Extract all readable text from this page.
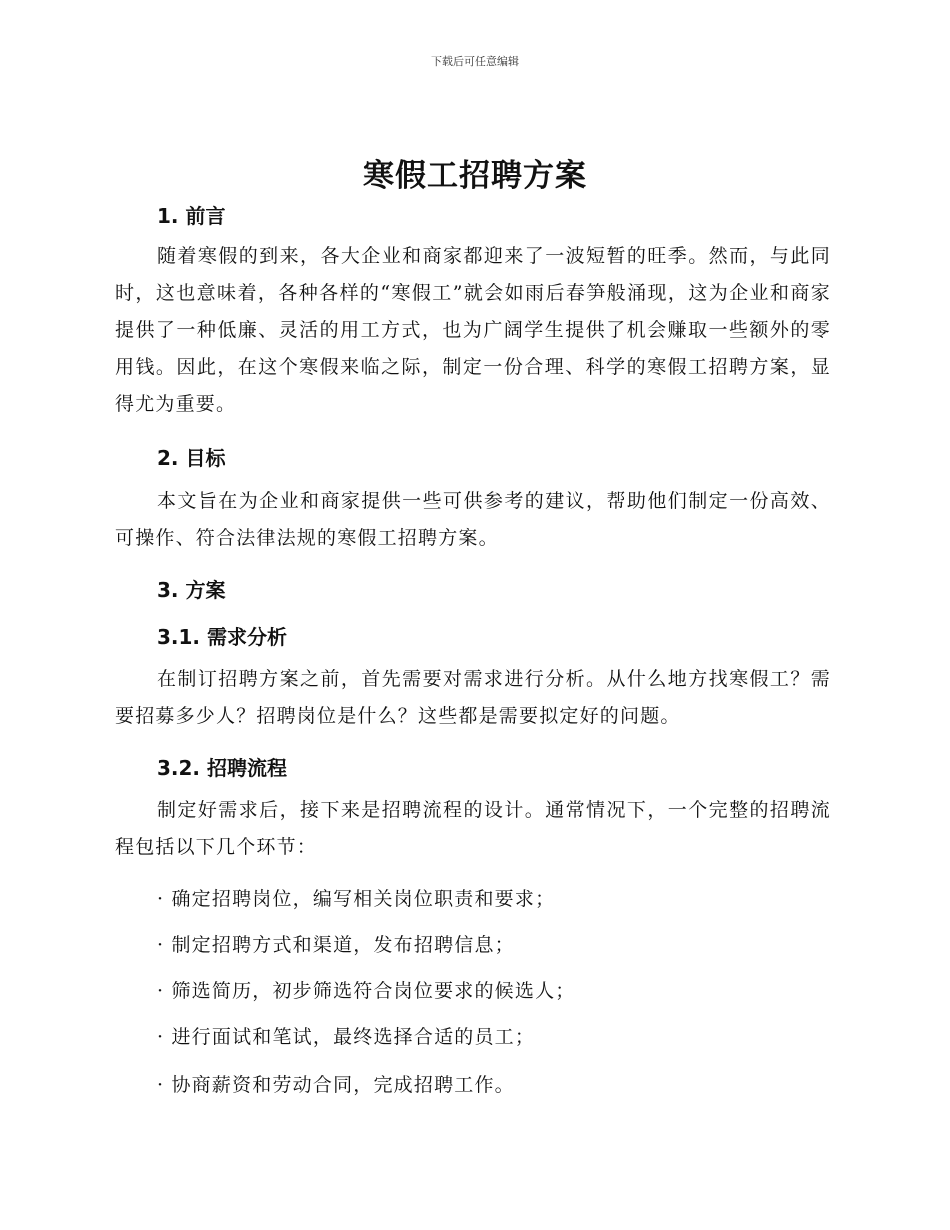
下载后可任意编辑
寒假工招聘方案
1. 前言

随着寒假的到来，各大企业和商家都迎来了一波短暂的旺季。然而，与此同时，这也意味着，各种各样的“寒假工”就会如雨后春笋般涌现，这为企业和商家提供了一种低廉、灵活的用工方式，也为广阔学生提供了机会赚取一些额外的零用钱。因此，在这个寒假来临之际，制定一份合理、科学的寒假工招聘方案，显得尤为重要。

2. 目标

本文旨在为企业和商家提供一些可供参考的建议，帮助他们制定一份高效、可操作、符合法律法规的寒假工招聘方案。

3. 方案
3.1. 需求分析

在制订招聘方案之前，首先需要对需求进行分析。从什么地方找寒假工？需要招募多少人？招聘岗位是什么？这些都是需要拟定好的问题。

3.2. 招聘流程

制定好需求后，接下来是招聘流程的设计。通常情况下，一个完整的招聘流程包括以下几个环节：

· 确定招聘岗位，编写相关岗位职责和要求；
· 制定招聘方式和渠道，发布招聘信息；
· 筛选简历，初步筛选符合岗位要求的候选人；
· 进行面试和笔试，最终选择合适的员工；
· 协商薪资和劳动合同，完成招聘工作。
